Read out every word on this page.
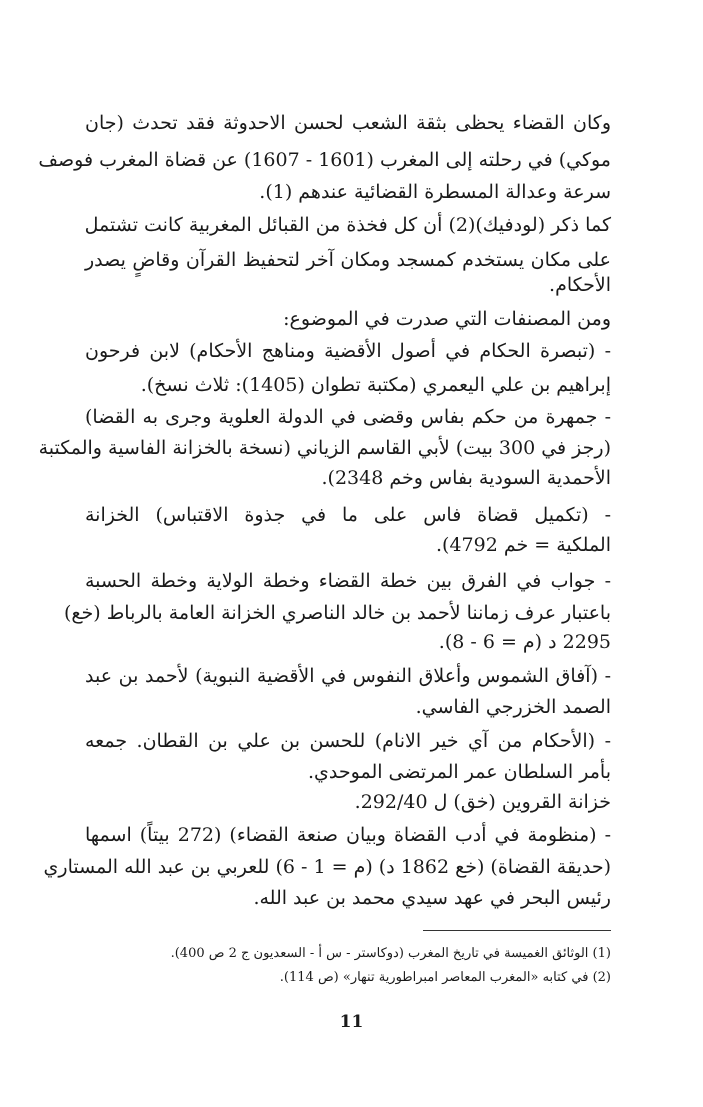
وكان القضاء يحظى بثقة الشعب لحسن الاحدوثة فقد تحدث (جان
موكي) في رحلته إلى المغرب (1601 - 1607) عن قضاة المغرب فوصف
سرعة وعدالة المسطرة القضائية عندهم (1).
كما ذكر (لودفيك)(2) أن كل فخذة من القبائل المغربية كانت تشتمل
على مكان يستخدم كمسجد ومكان آخر لتحفيظ القرآن وقاضٍ يصدر
الأحكام.
ومن المصنفات التي صدرت في الموضوع:
- (تبصرة الحكام في أصول الأقضية ومناهج الأحكام) لابن فرحون
إبراهيم بن علي اليعمري (مكتبة تطوان (1405): ثلاث نسخ).
- جمهرة من حكم بفاس وقضى في الدولة العلوية وجرى به القضا)
(رجز في 300 بيت) لأبي القاسم الزياني (نسخة بالخزانة الفاسية والمكتبة
الأحمدية السودية بفاس وخم 2348).
- (تكميل قضاة فاس على ما في جذوة الاقتباس) الخزانة
الملكية = خم 4792).
- جواب في الفرق بين خطة القضاء وخطة الولاية وخطة الحسبة
باعتبار عرف زماننا لأحمد بن خالد الناصري الخزانة العامة بالرباط (خع)
2295 د (م = 6 - 8).
- (آفاق الشموس وأعلاق النفوس في الأقضية النبوية) لأحمد بن عبد
الصمد الخزرجي الفاسي.
- (الأحكام من آي خير الانام) للحسن بن علي بن القطان. جمعه
بأمر السلطان عمر المرتضى الموحدي.
خزانة القروين (خق) ل 292/40.
- (منظومة في أدب القضاة وبيان صنعة القضاء) (272 بيتاً) اسمها
(حديقة القضاة) (خع 1862 د) (م = 1 - 6) للعربي بن عبد الله المستاري
رئيس البحر في عهد سيدي محمد بن عبد الله.
(1) الوثائق الغميسة في تاريخ المغرب (دوكاستر - س أ - السعديون ج 2 ص 400).
(2) في كتابه «المغرب المعاصر امبراطورية تنهار» (ص 114).
11
